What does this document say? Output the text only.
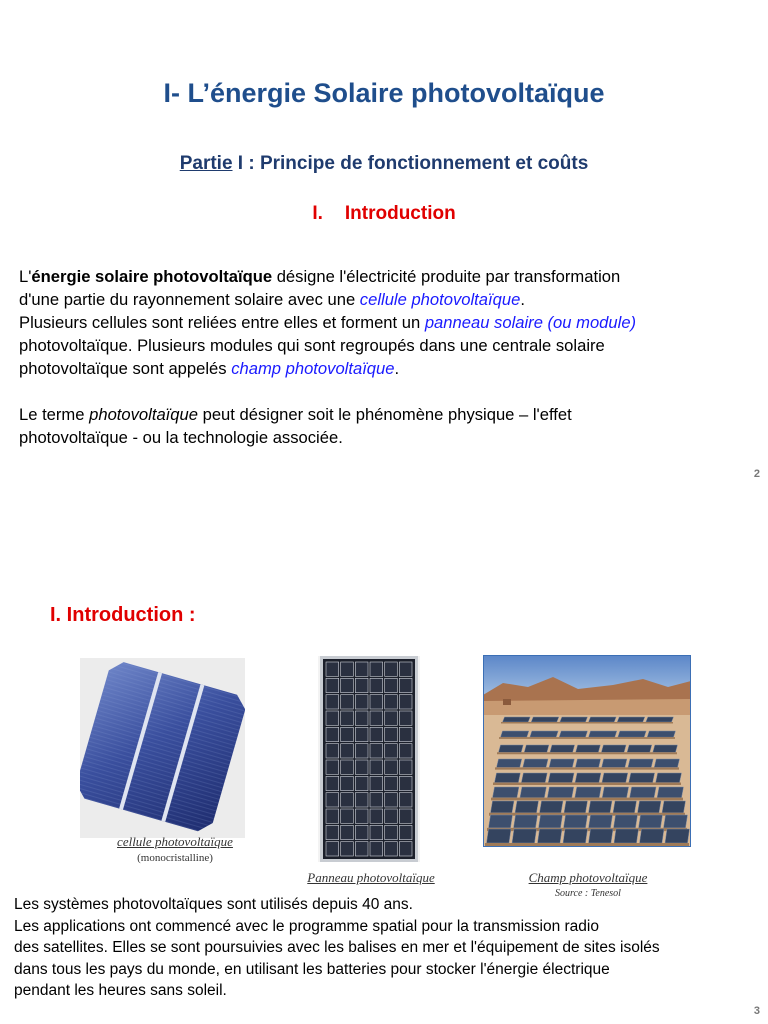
I- L’énergie Solaire photovoltaïque
Partie I : Principe de fonctionnement et coûts
I. Introduction

L'énergie solaire photovoltaïque désigne l'électricité produite par transformation

d'une partie du rayonnement solaire avec une cellule photovoltaïque.

Plusieurs cellules sont reliées entre elles et forment un panneau solaire (ou module)

photovoltaïque. Plusieurs modules qui sont regroupés dans une centrale solaire

photovoltaïque sont appelés champ photovoltaïque.

Le terme photovoltaïque peut désigner soit le phénomène physique – l'effet

photovoltaïque - ou la technologie associée.

2
I. Introduction :
cellule photovoltaïque
(monocristalline)
Panneau photovoltaïque	Champ photovoltaïque
Source : Tenesol

Les systèmes photovoltaïques sont utilisés depuis 40 ans.

Les applications ont commencé avec le programme spatial pour la transmission radio

des satellites. Elles se sont poursuivies avec les balises en mer et l'équipement de sites isolés

dans tous les pays du monde, en utilisant les batteries pour stocker l'énergie électrique

pendant les heures sans soleil.

3
